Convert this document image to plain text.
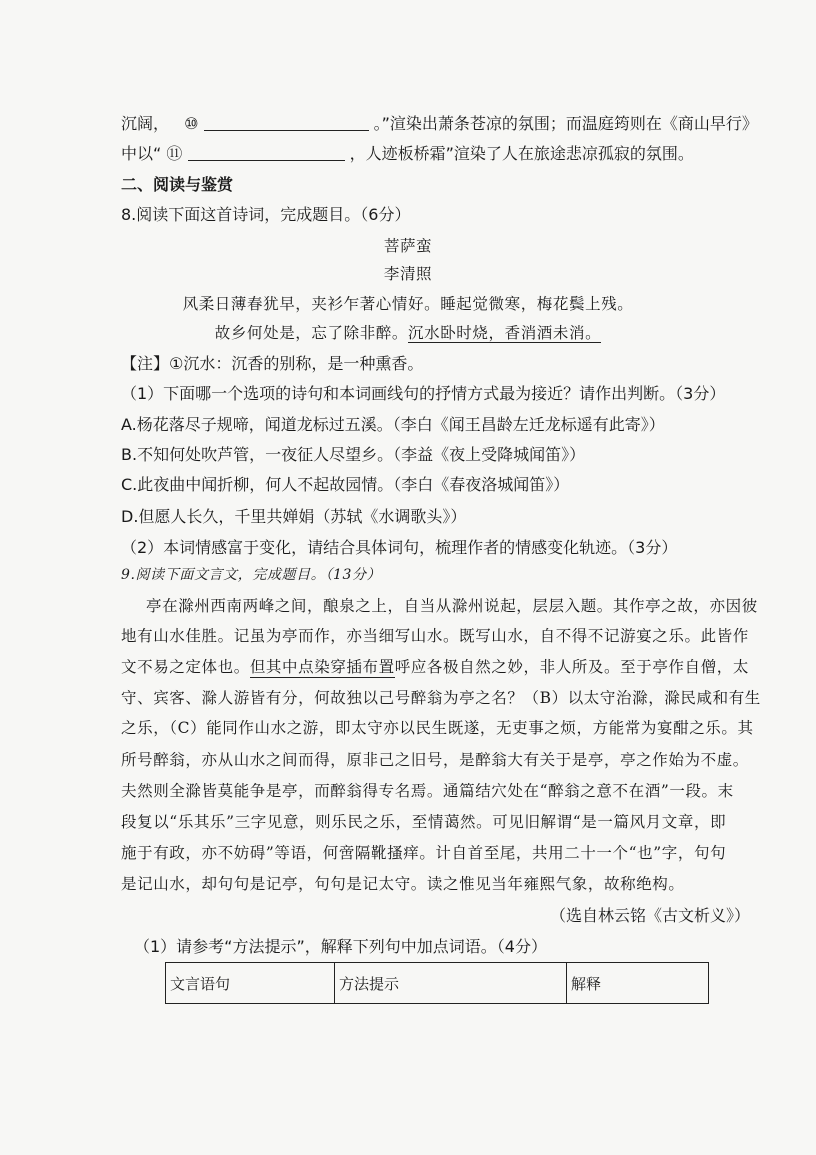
沉阔， ⑩	。”渲染出萧条苍凉的氛围；而温庭筠则在《商山早行》
中以“ ⑪	，人迹板桥霜”渲染了人在旅途悲凉孤寂的氛围。
二、阅读与鉴赏
8.阅读下面这首诗词，完成题目。（6分）
菩萨蛮
李清照
风柔日薄春犹早，夹衫乍著心情好。睡起觉微寒，梅花鬓上残。
故乡何处是，忘了除非醉。沉水卧时烧，香消酒未消。
【注】①沉水：沉香的别称，是一种熏香。
（1）下面哪一个选项的诗句和本词画线句的抒情方式最为接近？请作出判断。（3分）
A.杨花落尽子规啼，闻道龙标过五溪。（李白《闻王昌龄左迁龙标遥有此寄》）
B.不知何处吹芦管，一夜征人尽望乡。（李益《夜上受降城闻笛》）
C.此夜曲中闻折柳，何人不起故园情。（李白《春夜洛城闻笛》）
D.但愿人长久，千里共婵娟（苏轼《水调歌头》）
（2）本词情感富于变化，请结合具体词句，梳理作者的情感变化轨迹。（3分）
9.阅读下面文言文，完成题目。（13分）
亭在滁州西南两峰之间，酿泉之上，自当从滁州说起，层层入题。其作亭之故，亦因彼
地有山水佳胜。记虽为亭而作，亦当细写山水。既写山水，自不得不记游宴之乐。此皆作
文不易之定体也。但其中点染穿插布置呼应各极自然之妙，非人所及。至于亭作自僧，太
守、宾客、滁人游皆有分，何故独以己号醉翁为亭之名？（B）以太守治滁，滁民咸和有生
之乐，（C）能同作山水之游，即太守亦以民生既遂，无吏事之烦，方能常为宴酣之乐。其
所号醉翁，亦从山水之间而得，原非己之旧号，是醉翁大有关于是亭，亭之作始为不虚。
夫然则全滁皆莫能争是亭，而醉翁得专名焉。通篇结穴处在“醉翁之意不在酒”一段。末
段复以“乐其乐”三字见意，则乐民之乐，至情蔼然。可见旧解谓“是一篇风月文章，即
施于有政，亦不妨碍”等语，何啻隔靴搔痒。计自首至尾，共用二十一个“也”字，句句
是记山水，却句句是记亭，句句是记太守。读之惟见当年雍熙气象，故称绝构。
（选自林云铭《古文析义》）
（1）请参考“方法提示”，解释下列句中加点词语。（4分）
文言语句	方法提示	解释
